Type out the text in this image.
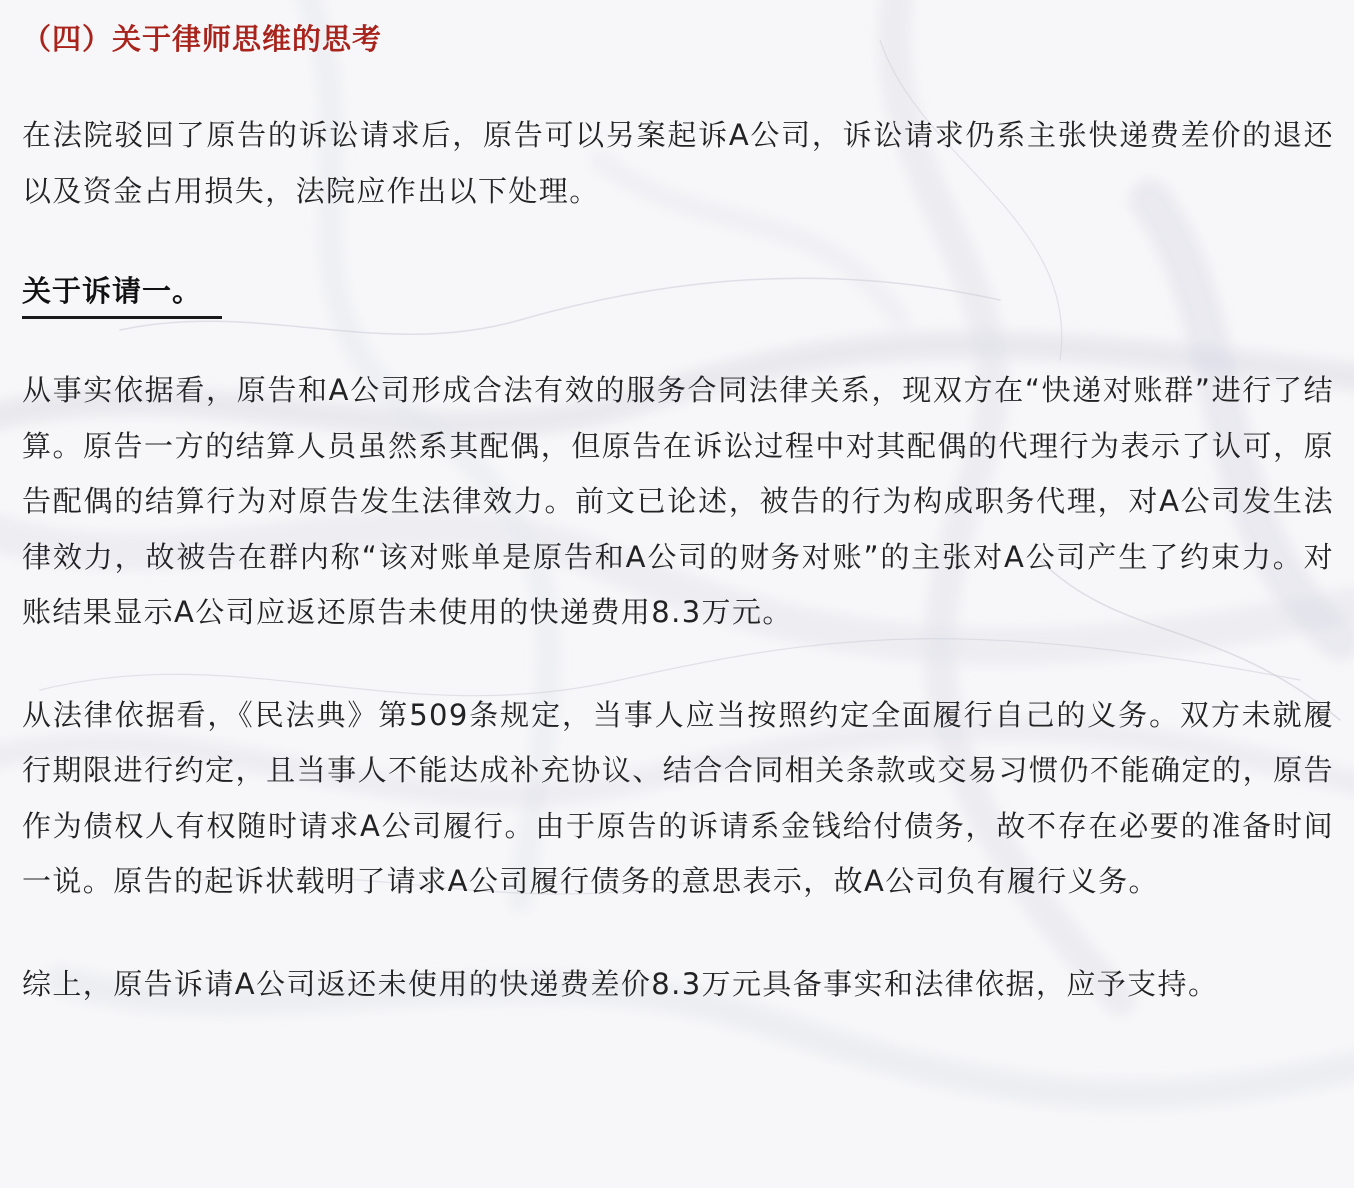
（四）关于律师思维的思考

在法院驳回了原告的诉讼请求后，原告可以另案起诉A公司，诉讼请求仍系主张快递费差价的退还以及资金占用损失，法院应作出以下处理。

关于诉请一。

从事实依据看，原告和A公司形成合法有效的服务合同法律关系，现双方在“快递对账群”进行了结算。原告一方的结算人员虽然系其配偶，但原告在诉讼过程中对其配偶的代理行为表示了认可，原告配偶的结算行为对原告发生法律效力。前文已论述，被告的行为构成职务代理，对A公司发生法律效力，故被告在群内称“该对账单是原告和A公司的财务对账”的主张对A公司产生了约束力。对账结果显示A公司应返还原告未使用的快递费用8.3万元。

从法律依据看，《民法典》第509条规定，当事人应当按照约定全面履行自己的义务。双方未就履行期限进行约定，且当事人不能达成补充协议、结合合同相关条款或交易习惯仍不能确定的，原告作为债权人有权随时请求A公司履行。由于原告的诉请系金钱给付债务，故不存在必要的准备时间一说。原告的起诉状载明了请求A公司履行债务的意思表示，故A公司负有履行义务。

综上，原告诉请A公司返还未使用的快递费差价8.3万元具备事实和法律依据，应予支持。
